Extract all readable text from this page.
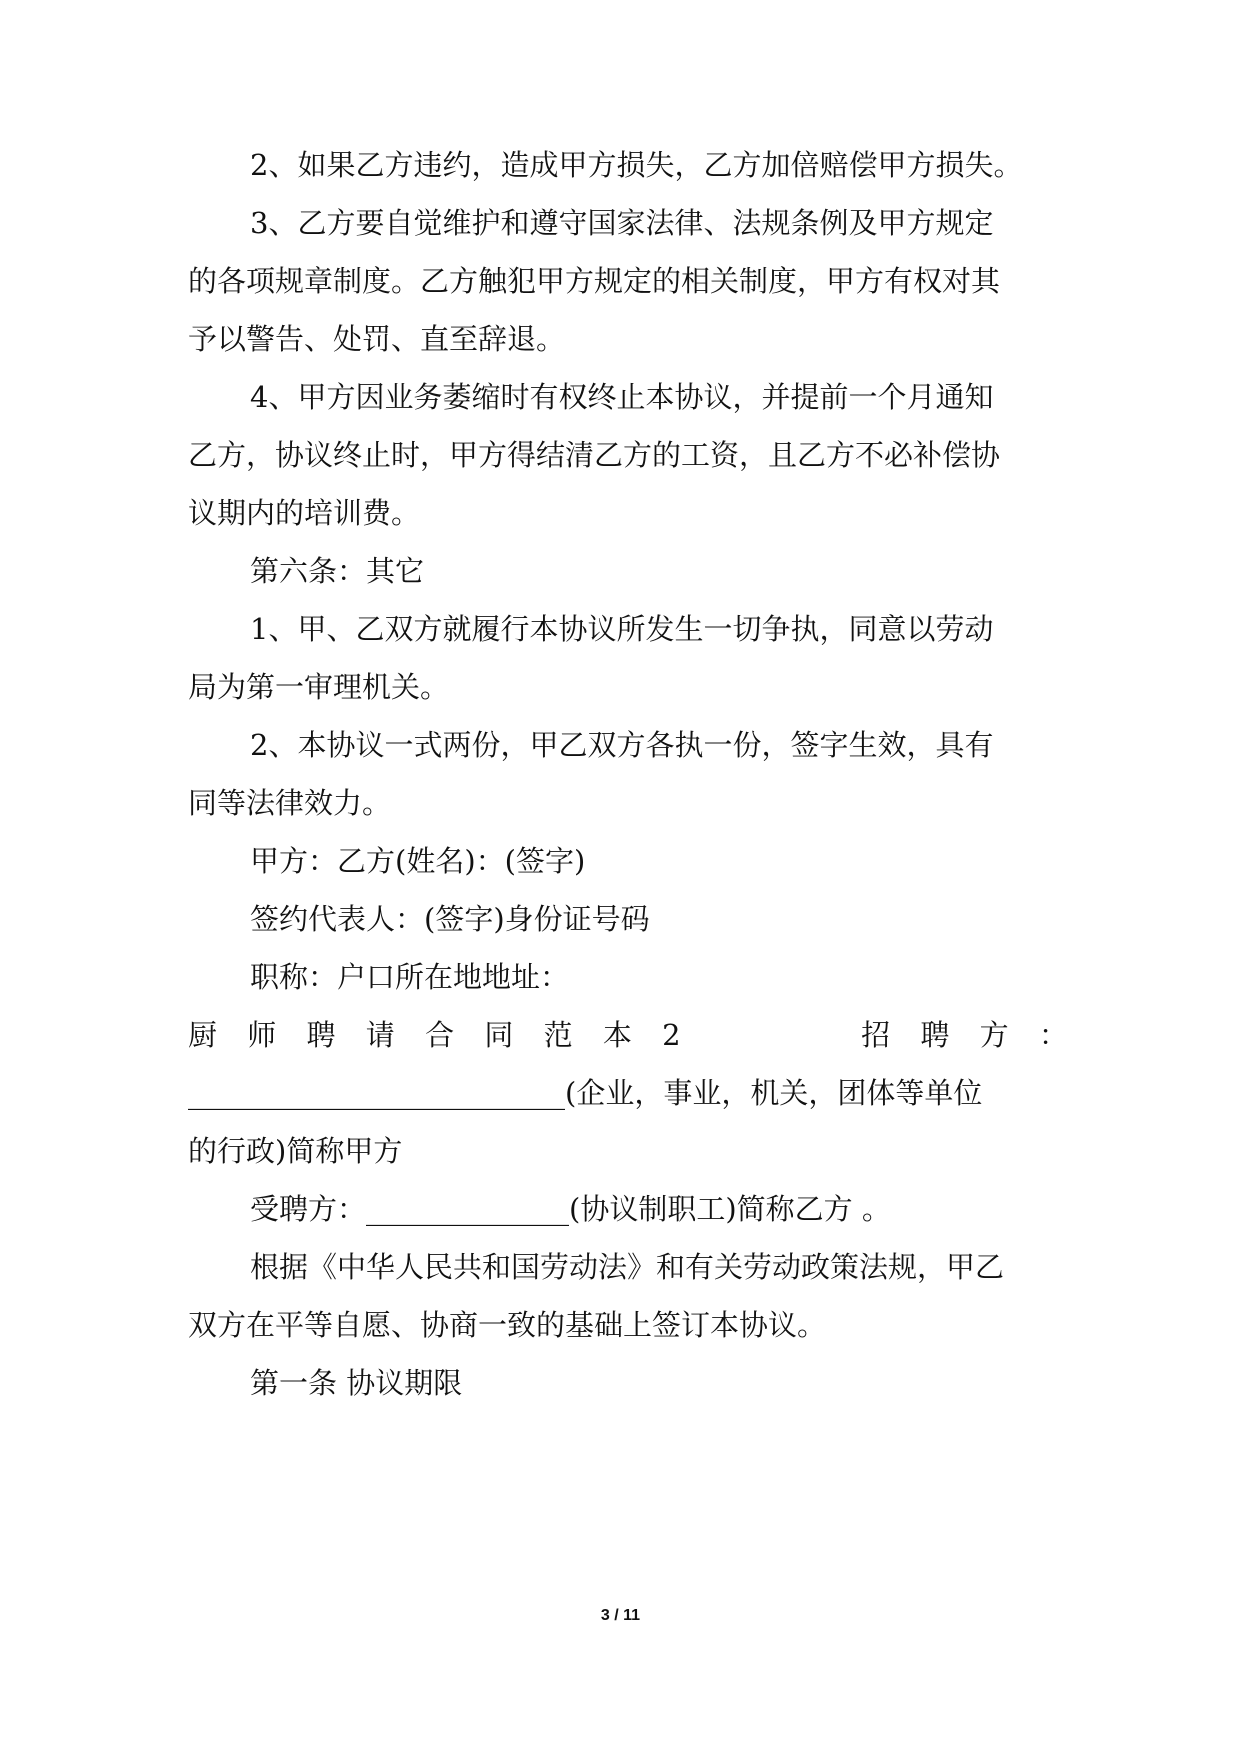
2、如果乙方违约，造成甲方损失，乙方加倍赔偿甲方损失。
3、乙方要自觉维护和遵守国家法律、法规条例及甲方规定
的各项规章制度。乙方触犯甲方规定的相关制度，甲方有权对其
予以警告、处罚、直至辞退。
4、甲方因业务萎缩时有权终止本协议，并提前一个月通知
乙方，协议终止时，甲方得结清乙方的工资，且乙方不必补偿协
议期内的培训费。
第六条：其它
1、甲、乙双方就履行本协议所发生一切争执，同意以劳动
局为第一审理机关。
2、本协议一式两份，甲乙双方各执一份，签字生效，具有
同等法律效力。
甲方：乙方(姓名)：(签字)
签约代表人：(签字)身份证号码
职称：户口所在地地址：
厨 师 聘 请 合 同 范 本 2	招 聘 方 ：
__________________________(企业，事业，机关，团体等单位
的行政)简称甲方
受聘方：______________(协议制职工)简称乙方 。
根据《中华人民共和国劳动法》和有关劳动政策法规，甲乙
双方在平等自愿、协商一致的基础上签订本协议。
第一条 协议期限
3 / 11
